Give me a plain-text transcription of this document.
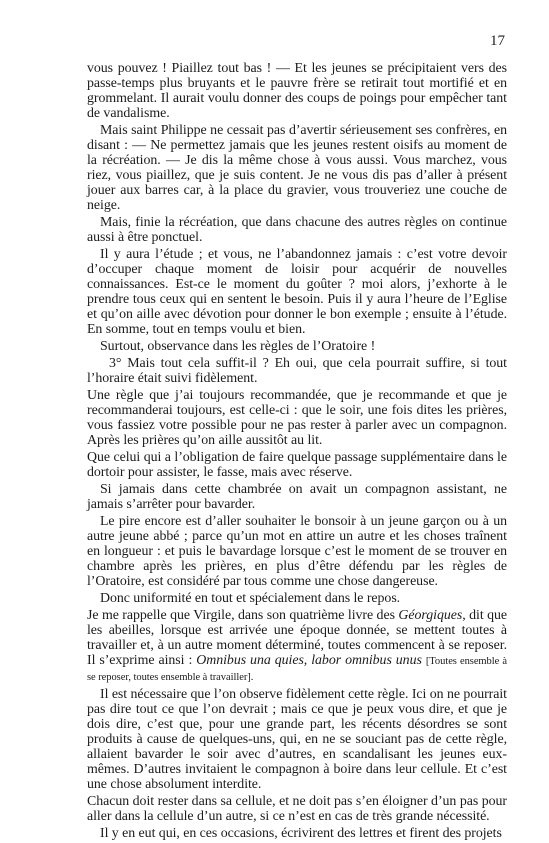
17

vous pouvez ! Piaillez tout bas ! — Et les jeunes se précipitaient vers des passe-temps plus bruyants et le pauvre frère se retirait tout mortifié et en grommelant. Il aurait voulu donner des coups de poings pour empêcher tant de vandalisme.

Mais saint Philippe ne cessait pas d’avertir sérieusement ses confrères, en disant : — Ne permettez jamais que les jeunes restent oisifs au moment de la récréation. — Je dis la même chose à vous aussi. Vous marchez, vous riez, vous piaillez, que je suis content. Je ne vous dis pas d’aller à présent jouer aux barres car, à la place du gravier, vous trouveriez une couche de neige.

Mais, finie la récréation, que dans chacune des autres règles on continue aussi à être ponctuel.

Il y aura l’étude ; et vous, ne l’abandonnez jamais : c’est votre devoir d’occuper chaque moment de loisir pour acquérir de nouvelles connaissances. Est-ce le moment du goûter ? moi alors, j’exhorte à le prendre tous ceux qui en sentent le besoin. Puis il y aura l’heure de l’Eglise et qu’on aille avec dévotion pour donner le bon exemple ; ensuite à l’étude. En somme, tout en temps voulu et bien.

Surtout, observance dans les règles de l’Oratoire !

3° Mais tout cela suffit-il ? Eh oui, que cela pourrait suffire, si tout l’horaire était suivi fidèlement.

Une règle que j’ai toujours recommandée, que je recommande et que je recommanderai toujours, est celle-ci : que le soir, une fois dites les prières, vous fassiez votre possible pour ne pas rester à parler avec un compagnon. Après les prières qu’on aille aussitôt au lit.

Que celui qui a l’obligation de faire quelque passage supplémentaire dans le dortoir pour assister, le fasse, mais avec réserve.

Si jamais dans cette chambrée on avait un compagnon assistant, ne jamais s’arrêter pour bavarder.

Le pire encore est d’aller souhaiter le bonsoir à un jeune garçon ou à un autre jeune abbé ; parce qu’un mot en attire un autre et les choses traînent en longueur : et puis le bavardage lorsque c’est le moment de se trouver en chambre après les prières, en plus d’être défendu par les règles de l’Oratoire, est considéré par tous comme une chose dangereuse.

Donc uniformité en tout et spécialement dans le repos.

Je me rappelle que Virgile, dans son quatrième livre des Géorgiques, dit que les abeilles, lorsque est arrivée une époque donnée, se mettent toutes à travailler et, à un autre moment déterminé, toutes commencent à se reposer. Il s’exprime ainsi : Omnibus una quies, labor omnibus unus [Toutes ensemble à se reposer, toutes ensemble à travailler].

Il est nécessaire que l’on observe fidèlement cette règle. Ici on ne pourrait pas dire tout ce que l’on devrait ; mais ce que je peux vous dire, et que je dois dire, c’est que, pour une grande part, les récents désordres se sont produits à cause de quelques-uns, qui, en ne se souciant pas de cette règle, allaient bavarder le soir avec d’autres, en scandalisant les jeunes eux-mêmes. D’autres invitaient le compagnon à boire dans leur cellule. Et c’est une chose absolument interdite.

Chacun doit rester dans sa cellule, et ne doit pas s’en éloigner d’un pas pour aller dans la cellule d’un autre, si ce n’est en cas de très grande nécessité.

Il y en eut qui, en ces occasions, écrivirent des lettres et firent des projets
